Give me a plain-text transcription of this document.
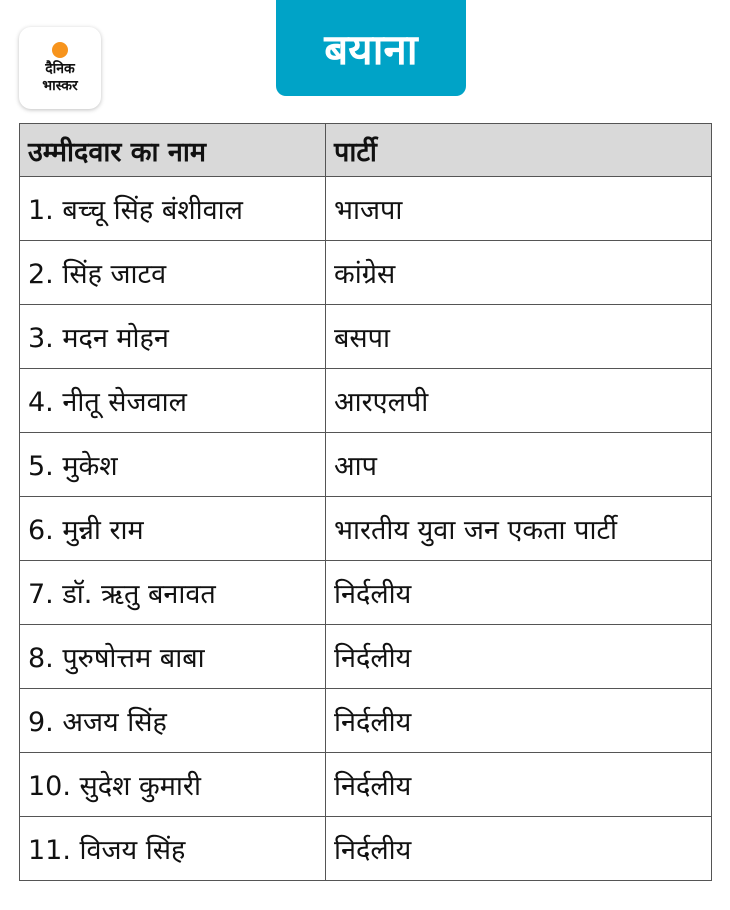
दैनिक
भास्कर
बयाना
उम्मीदवार का नाम	पार्टी
1. बच्चू सिंह बंशीवाल	भाजपा
2. सिंह जाटव	कांग्रेस
3. मदन मोहन	बसपा
4. नीतू सेजवाल	आरएलपी
5. मुकेश	आप
6. मुन्नी राम	भारतीय युवा जन एकता पार्टी
7. डॉ. ऋतु बनावत	निर्दलीय
8. पुरुषोत्तम बाबा	निर्दलीय
9. अजय सिंह	निर्दलीय
10. सुदेश कुमारी	निर्दलीय
11. विजय सिंह	निर्दलीय
